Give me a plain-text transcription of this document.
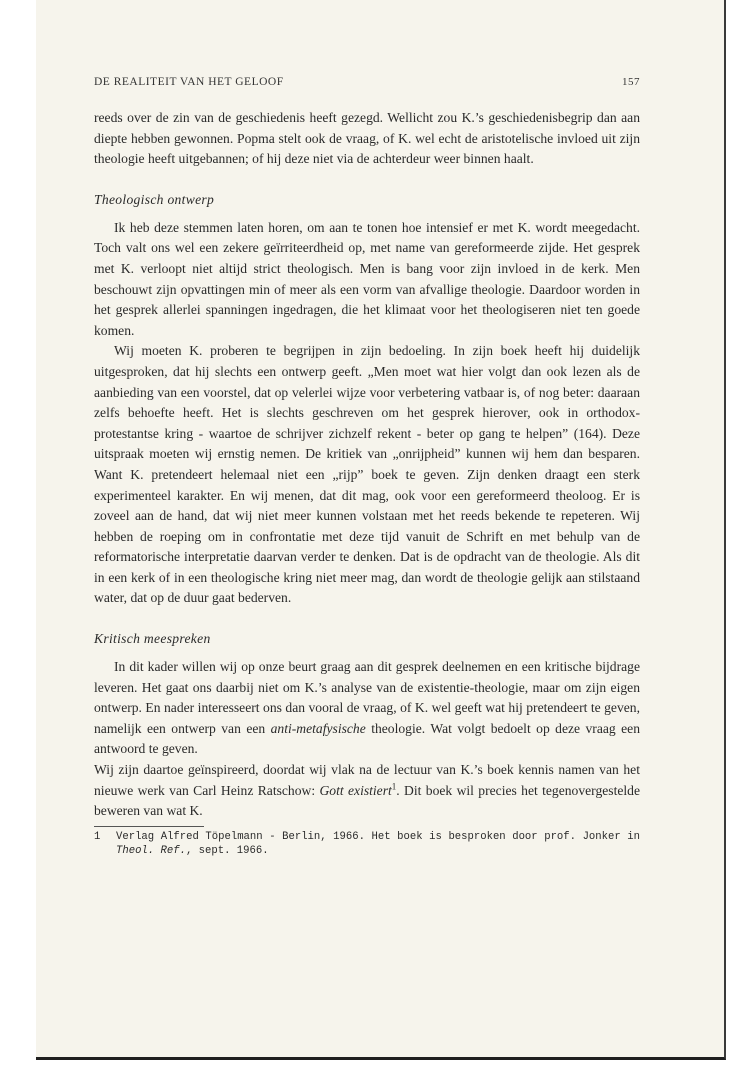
DE REALITEIT VAN HET GELOOF	157

reeds over de zin van de geschiedenis heeft gezegd. Wellicht zou K.’s geschiedenisbegrip dan aan diepte hebben gewonnen. Popma stelt ook de vraag, of K. wel echt de aristotelische invloed uit zijn theologie heeft uitgebannen; of hij deze niet via de achterdeur weer binnen haalt.

Theologisch ontwerp

Ik heb deze stemmen laten horen, om aan te tonen hoe intensief er met K. wordt meegedacht. Toch valt ons wel een zekere geïrriteerdheid op, met name van gereformeerde zijde. Het gesprek met K. verloopt niet altijd strict theologisch. Men is bang voor zijn invloed in de kerk. Men beschouwt zijn opvattingen min of meer als een vorm van afvallige theologie. Daardoor worden in het gesprek allerlei spanningen ingedragen, die het klimaat voor het theologiseren niet ten goede komen.

Wij moeten K. proberen te begrijpen in zijn bedoeling. In zijn boek heeft hij duidelijk uitgesproken, dat hij slechts een ontwerp geeft. „Men moet wat hier volgt dan ook lezen als de aanbieding van een voorstel, dat op velerlei wijze voor verbetering vatbaar is, of nog beter: daaraan zelfs behoefte heeft. Het is slechts geschreven om het gesprek hierover, ook in orthodox-protestantse kring - waartoe de schrijver zichzelf rekent - beter op gang te helpen” (164). Deze uitspraak moeten wij ernstig nemen. De kritiek van „onrijpheid” kunnen wij hem dan besparen. Want K. pretendeert helemaal niet een „rijp” boek te geven. Zijn denken draagt een sterk experimenteel karakter. En wij menen, dat dit mag, ook voor een gereformeerd theoloog. Er is zoveel aan de hand, dat wij niet meer kunnen volstaan met het reeds bekende te repeteren. Wij hebben de roeping om in confrontatie met deze tijd vanuit de Schrift en met behulp van de reformatorische interpretatie daarvan verder te denken. Dat is de opdracht van de theologie. Als dit in een kerk of in een theologische kring niet meer mag, dan wordt de theologie gelijk aan stilstaand water, dat op de duur gaat bederven.

Kritisch meespreken

In dit kader willen wij op onze beurt graag aan dit gesprek deelnemen en een kritische bijdrage leveren. Het gaat ons daarbij niet om K.’s analyse van de existentie-theologie, maar om zijn eigen ontwerp. En nader interesseert ons dan vooral de vraag, of K. wel geeft wat hij pretendeert te geven, namelijk een ontwerp van een anti-metafysische theologie. Wat volgt bedoelt op deze vraag een antwoord te geven.

Wij zijn daartoe geïnspireerd, doordat wij vlak na de lectuur van K.’s boek kennis namen van het nieuwe werk van Carl Heinz Ratschow: Gott existiert$^1$. Dit boek wil precies het tegenovergestelde beweren van wat K.

1	Verlag Alfred Töpelmann - Berlin, 1966. Het boek is besproken door prof. Jonker in Theol. Ref., sept. 1966.
